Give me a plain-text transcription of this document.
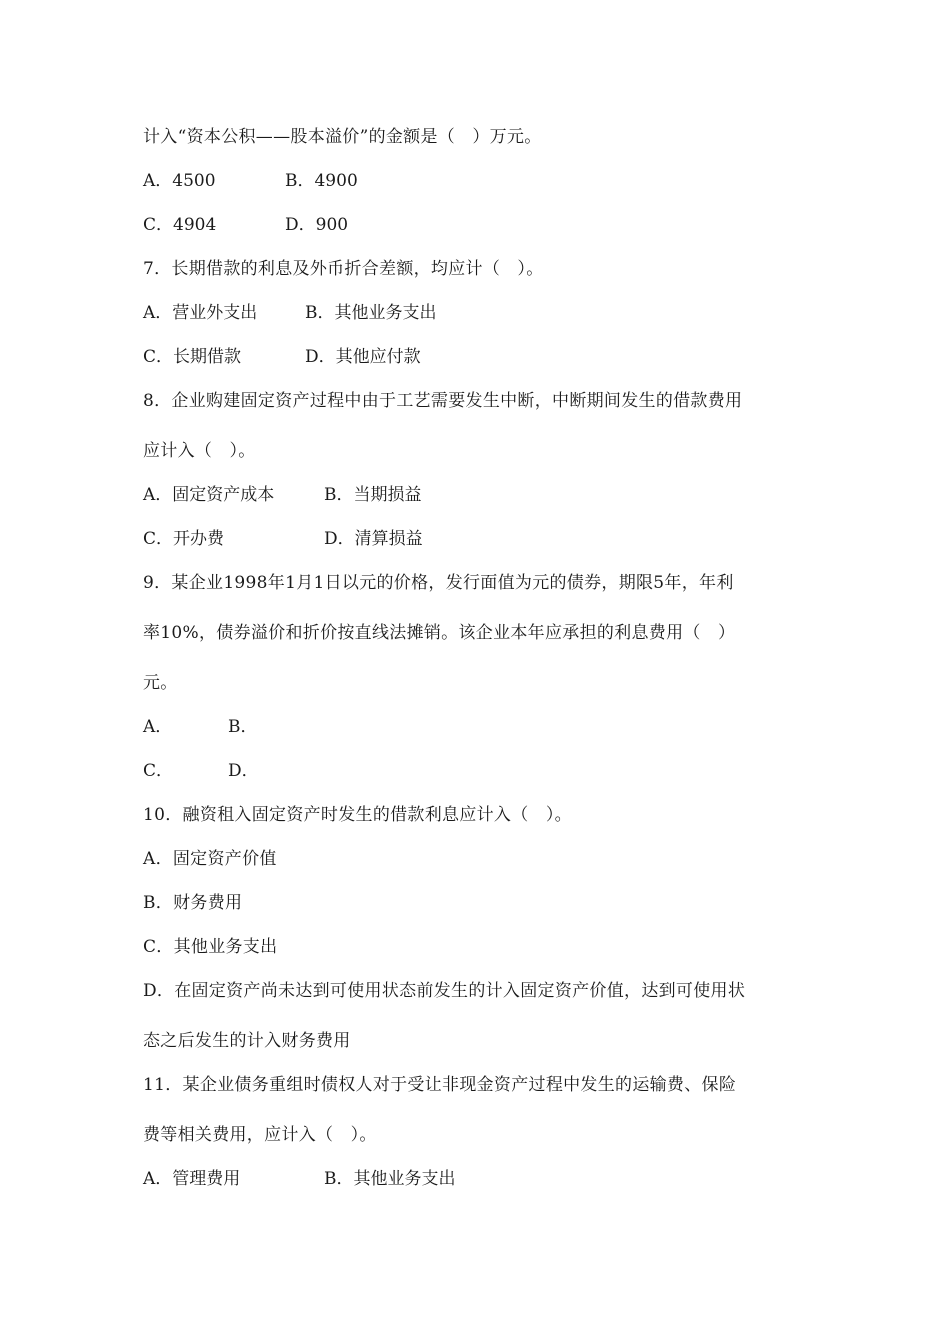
计入“资本公积——股本溢价”的金额是（　）万元。
A．4500	B．4900
C．4904	D．900
7．长期借款的利息及外币折合差额，均应计（　）。
A．营业外支出	B．其他业务支出
C．长期借款	D．其他应付款
8．企业购建固定资产过程中由于工艺需要发生中断，中断期间发生的借款费用
应计入（　）。
A．固定资产成本	B．当期损益
C．开办费	D．清算损益
9．某企业1998年1月1日以元的价格，发行面值为元的债券，期限5年，年利
率10%，债券溢价和折价按直线法摊销。该企业本年应承担的利息费用（　）
元。
A．	B．
C．	D．
10．融资租入固定资产时发生的借款利息应计入（　）。
A．固定资产价值
B．财务费用
C．其他业务支出
D．在固定资产尚未达到可使用状态前发生的计入固定资产价值，达到可使用状
态之后发生的计入财务费用
11．某企业债务重组时债权人对于受让非现金资产过程中发生的运输费、保险
费等相关费用，应计入（　）。
A．管理费用	B．其他业务支出
